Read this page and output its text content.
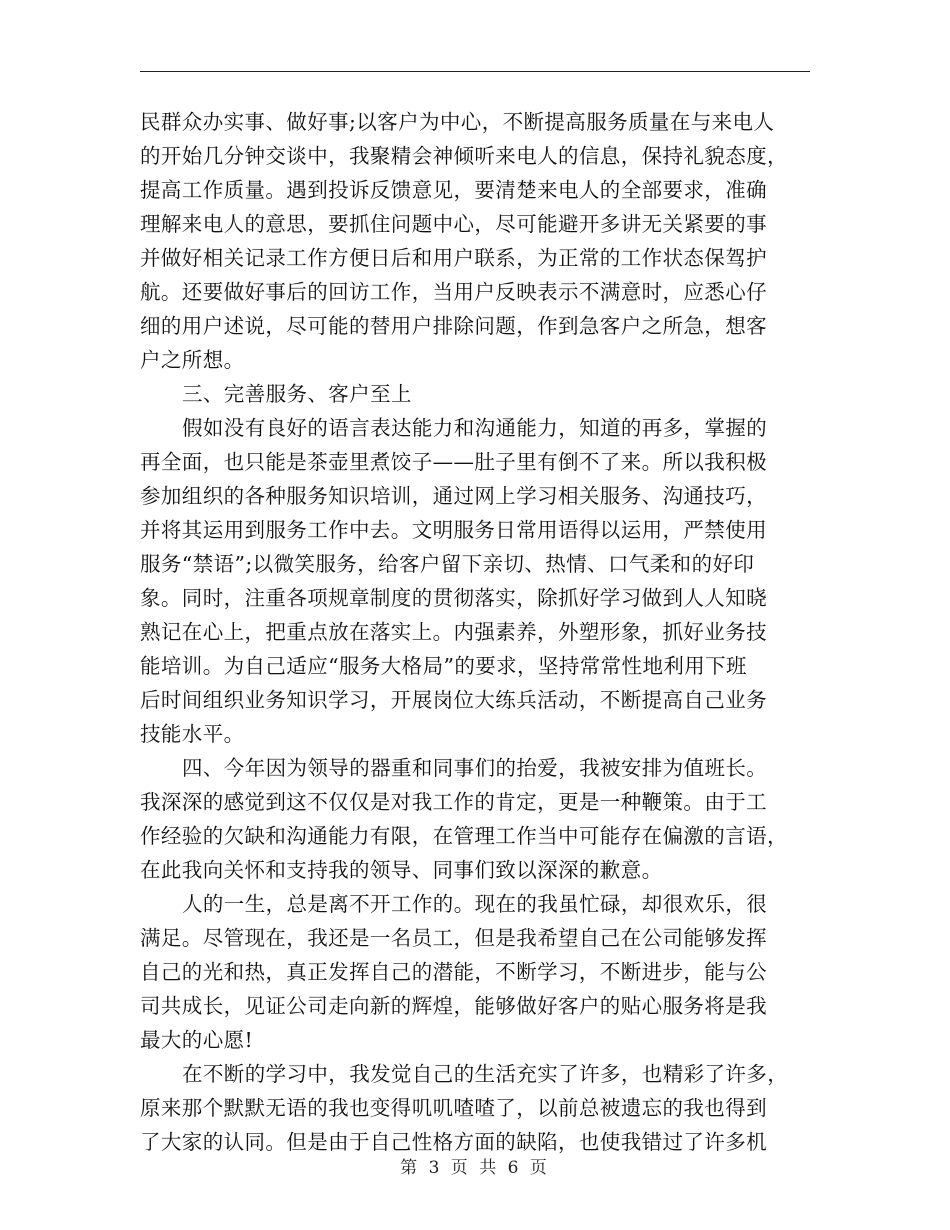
民群众办实事、做好事;以客户为中心，不断提高服务质量在与来电人
的开始几分钟交谈中，我聚精会神倾听来电人的信息，保持礼貌态度，
提高工作质量。遇到投诉反馈意见，要清楚来电人的全部要求，准确
理解来电人的意思，要抓住问题中心，尽可能避开多讲无关紧要的事
并做好相关记录工作方便日后和用户联系，为正常的工作状态保驾护
航。还要做好事后的回访工作，当用户反映表示不满意时，应悉心仔
细的用户述说，尽可能的替用户排除问题，作到急客户之所急，想客
户之所想。
三、完善服务、客户至上
假如没有良好的语言表达能力和沟通能力，知道的再多，掌握的
再全面，也只能是茶壶里煮饺子——肚子里有倒不了来。所以我积极
参加组织的各种服务知识培训，通过网上学习相关服务、沟通技巧，
并将其运用到服务工作中去。文明服务日常用语得以运用，严禁使用
服务“禁语”;以微笑服务，给客户留下亲切、热情、口气柔和的好印
象。同时，注重各项规章制度的贯彻落实，除抓好学习做到人人知晓
熟记在心上，把重点放在落实上。内强素养，外塑形象，抓好业务技
能培训。为自己适应“服务大格局”的要求，坚持常常性地利用下班
后时间组织业务知识学习，开展岗位大练兵活动，不断提高自己业务
技能水平。
四、今年因为领导的器重和同事们的抬爱，我被安排为值班长。
我深深的感觉到这不仅仅是对我工作的肯定，更是一种鞭策。由于工
作经验的欠缺和沟通能力有限，在管理工作当中可能存在偏激的言语，
在此我向关怀和支持我的领导、同事们致以深深的歉意。
人的一生，总是离不开工作的。现在的我虽忙碌，却很欢乐，很
满足。尽管现在，我还是一名员工，但是我希望自己在公司能够发挥
自己的光和热，真正发挥自己的潜能，不断学习，不断进步，能与公
司共成长，见证公司走向新的辉煌，能够做好客户的贴心服务将是我
最大的心愿!
在不断的学习中，我发觉自己的生活充实了许多，也精彩了许多，
原来那个默默无语的我也变得叽叽喳喳了，以前总被遗忘的我也得到
了大家的认同。但是由于自己性格方面的缺陷，也使我错过了许多机
第 3 页 共 6 页
